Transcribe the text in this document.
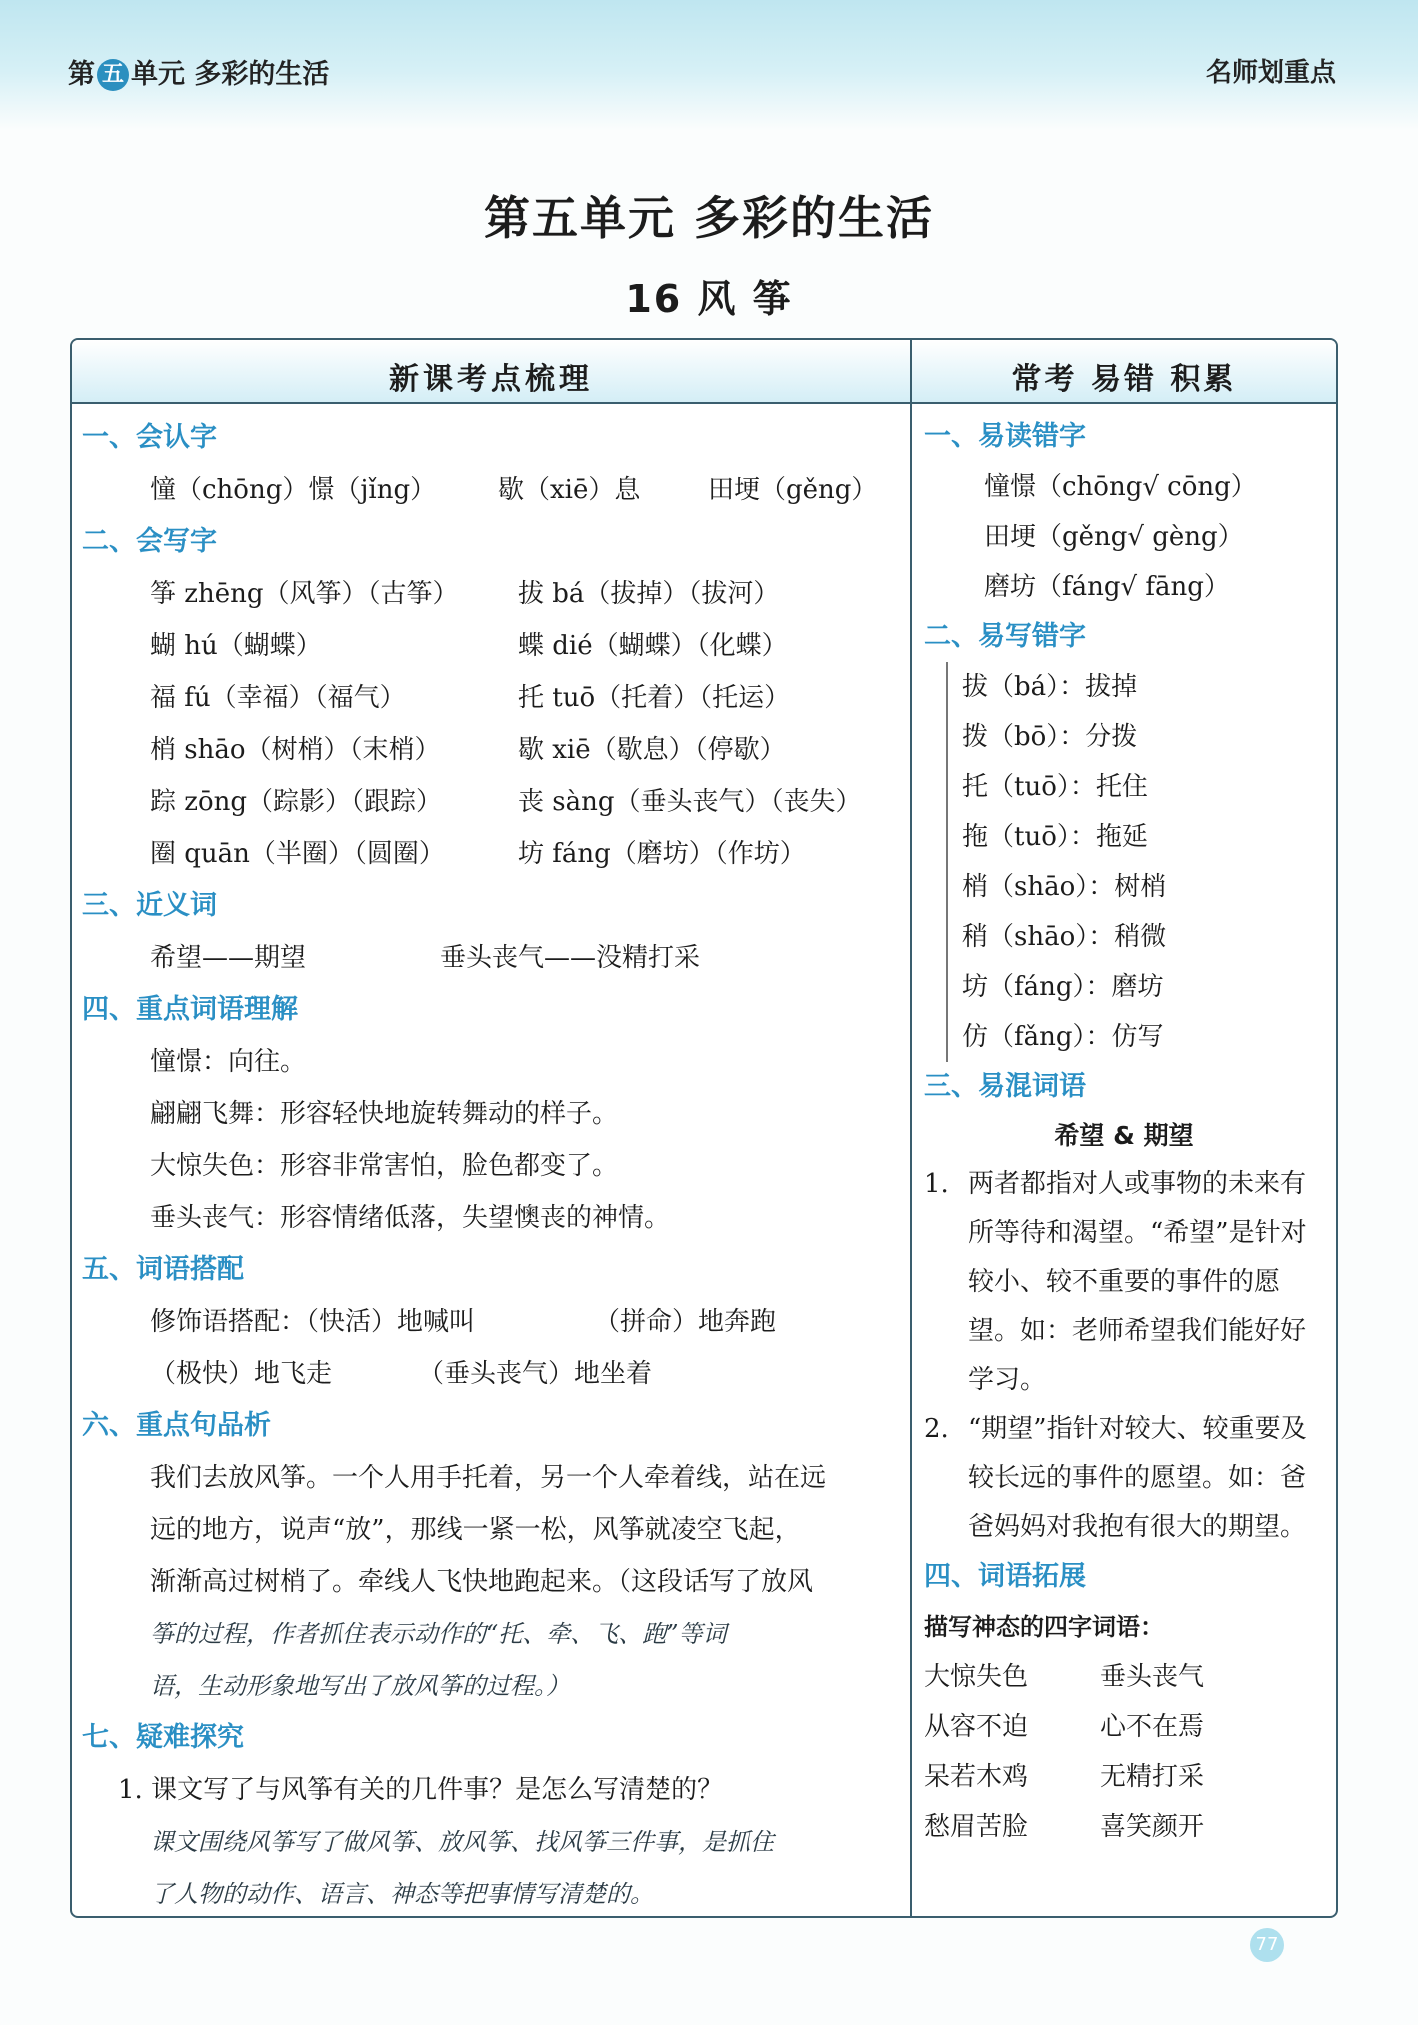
第 五 单元 多彩的生活	名师划重点
第五单元 多彩的生活
16 风 筝
新课考点梳理	常考 易错 积累
一、会认字
憧（chōng）憬（jǐng）	歇（xiē）息	田埂（gěng）
二、会写字
筝 zhēng（风筝）（古筝）	拔 bá（拔掉）（拔河）
蝴 hú（蝴蝶）	蝶 dié（蝴蝶）（化蝶）
福 fú（幸福）（福气）	托 tuō（托着）（托运）
梢 shāo（树梢）（末梢）	歇 xiē（歇息）（停歇）
踪 zōng（踪影）（跟踪）	丧 sàng（垂头丧气）（丧失）
圈 quān（半圈）（圆圈）	坊 fáng（磨坊）（作坊）
三、近义词
希望——期望	垂头丧气——没精打采
四、重点词语理解
憧憬：向往。
翩翩飞舞：形容轻快地旋转舞动的样子。
大惊失色：形容非常害怕，脸色都变了。
垂头丧气：形容情绪低落，失望懊丧的神情。
五、词语搭配
修饰语搭配：（快活）地喊叫	（拼命）地奔跑
（极快）地飞走	（垂头丧气）地坐着
六、重点句品析
我们去放风筝。一个人用手托着，另一个人牵着线，站在远
远的地方，说声“放”，那线一紧一松，风筝就凌空飞起，
渐渐高过树梢了。牵线人飞快地跑起来。（这段话写了放风
筝的过程，作者抓住表示动作的“托、牵、飞、跑”等词
语，生动形象地写出了放风筝的过程。）
七、疑难探究
1. 课文写了与风筝有关的几件事？是怎么写清楚的？
课文围绕风筝写了做风筝、放风筝、找风筝三件事，是抓住
了人物的动作、语言、神态等把事情写清楚的。
一、易读错字
憧憬（chōng√ cōng）
田埂（gěng√ gèng）
磨坊（fáng√ fāng）
二、易写错字
拔（bá）：拔掉
拨（bō）：分拨
托（tuō）：托住
拖（tuō）：拖延
梢（shāo）：树梢
稍（shāo）：稍微
坊（fáng）：磨坊
仿（fǎng）：仿写
三、易混词语
希望 & 期望
1. 两者都指对人或事物的未来有所等待和渴望。“希望”是针对较小、较不重要的事件的愿望。如：老师希望我们能好好学习。
2. “期望”指针对较大、较重要及较长远的事件的愿望。如：爸爸妈妈对我抱有很大的期望。
四、词语拓展
描写神态的四字词语：
大惊失色	垂头丧气
从容不迫	心不在焉
呆若木鸡	无精打采
愁眉苦脸	喜笑颜开
77
